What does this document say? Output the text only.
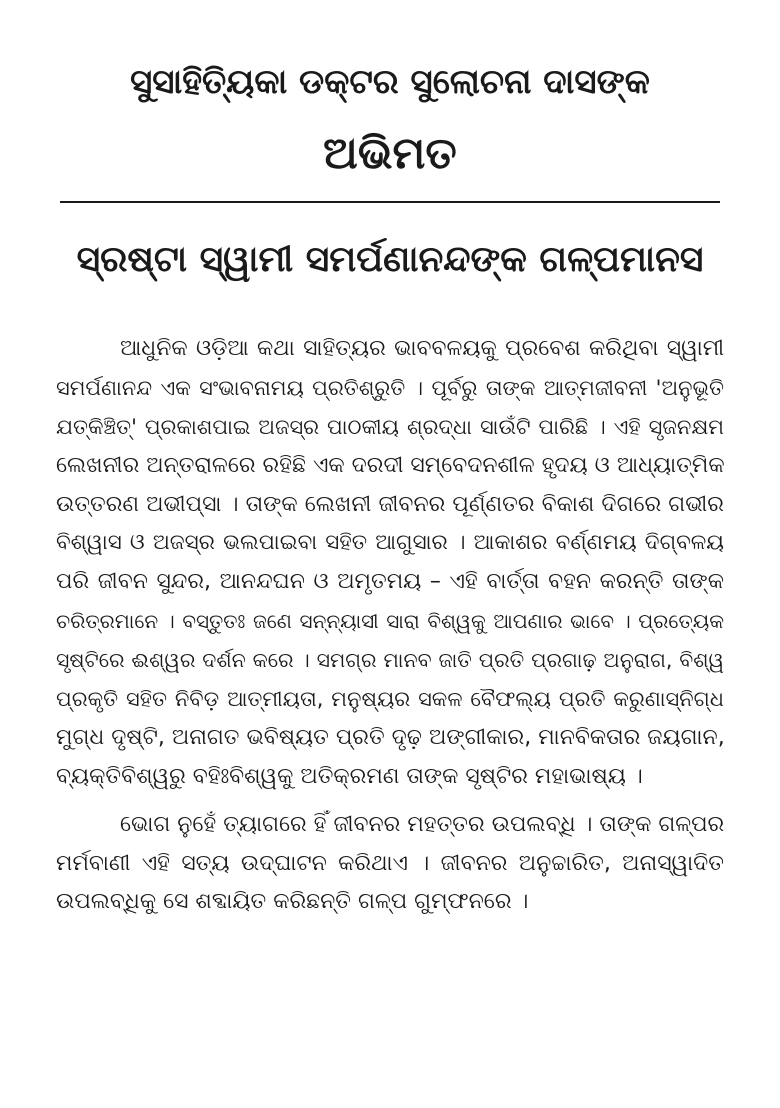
ସୁସାହିତ୍ୟିକା ଡକ୍ଟର ସୁଲୋଚନା ଦାସଙ୍କ
ଅଭିମତ
ସ୍ରଷ୍ଟା ସ୍ୱାମୀ ସମର୍ପଣାନନ୍ଦଙ୍କ ଗଳ୍ପମାନସ
ଆଧୁନିକ ଓଡ଼ିଆ କଥା ସାହିତ୍ୟର ଭାବବଳୟକୁ ପ୍ରବେଶ କରିଥିବା ସ୍ୱାମୀ
ସମର୍ପଣାନନ୍ଦ ଏକ ସଂଭାବନାମୟ ପ୍ରତିଶ୍ରୁତି । ପୂର୍ବରୁ ତାଙ୍କ ଆତ୍ମଜୀବନୀ 'ଅନୁଭୂତି
ଯତ୍‌କିଞ୍ଚିତ୍' ପ୍ରକାଶପାଇ ଅଜସ୍ର ପାଠକୀୟ ଶ୍ରଦ୍ଧା ସାଉଁଟି ପାରିଛି । ଏହି ସୃଜନକ୍ଷମ
ଲେଖନୀର ଅନ୍ତରାଳରେ ରହିଛି ଏକ ଦରଦୀ ସମ୍ବେଦନଶୀଳ ହୃଦୟ ଓ ଆଧ୍ୟାତ୍ମିକ
ଉତ୍ତରଣ ଅଭୀପ୍ସା । ତାଙ୍କ ଲେଖନୀ ଜୀବନର ପୂର୍ଣ୍ଣତର ବିକାଶ ଦିଗରେ ଗଭୀର
ବିଶ୍ୱାସ ଓ ଅଜସ୍ର ଭଲପାଇବା ସହିତ ଆଗୁସାର । ଆକାଶର ବର୍ଣ୍ଣମୟ ଦିଗ୍‌ବଳୟ
ପରି ଜୀବନ ସୁନ୍ଦର, ଆନନ୍ଦଘନ ଓ ଅମୃତମୟ – ଏହି ବାର୍ତ୍ତା ବହନ କରନ୍ତି ତାଙ୍କ
ଚରିତ୍ରମାନେ । ବସ୍ତୁତଃ ଜଣେ ସନ୍ନ୍ୟାସୀ ସାରା ବିଶ୍ୱକୁ ଆପଣାର ଭାବେ । ପ୍ରତ୍ୟେକ
ସୃଷ୍ଟିରେ ଈଶ୍ୱର ଦର୍ଶନ କରେ । ସମଗ୍ର ମାନବ ଜାତି ପ୍ରତି ପ୍ରଗାଢ଼ ଅନୁରାଗ, ବିଶ୍ୱ
ପ୍ରକୃତି ସହିତ ନିବିଡ଼ ଆତ୍ମୀୟତା, ମନୁଷ୍ୟର ସକଳ ବୈଫଲ୍ୟ ପ୍ରତି କରୁଣାସ୍ନିଗ୍ଧ
ମୁଗ୍ଧ ଦୃଷ୍ଟି, ଅନାଗତ ଭବିଷ୍ୟତ ପ୍ରତି ଦୃଢ଼ ଅଙ୍ଗୀକାର, ମାନବିକତାର ଜୟଗାନ,
ବ୍ୟକ୍ତିବିଶ୍ୱରୁ ବହିଃବିଶ୍ୱକୁ ଅତିକ୍ରମଣ ତାଙ୍କ ସୃଷ୍ଟିର ମହାଭାଷ୍ୟ ।
ଭୋଗ ନୁହେଁ ତ୍ୟାଗରେ ହିଁ ଜୀବନର ମହତ୍ତର ଉପଲବ୍ଧି । ତାଙ୍କ ଗଳ୍ପର
ମର୍ମବାଣୀ ଏହି ସତ୍ୟ ଉଦ୍‌ଘାଟନ କରିଥାଏ । ଜୀବନର ଅନୁଚ୍ଚାରିତ, ଅନାସ୍ୱାଦିତ
ଉପଲବ୍ଧିକୁ ସେ ଶବ୍ଦାୟିତ କରିଛନ୍ତି ଗଳ୍ପ ଗୁମ୍ଫନରେ ।
